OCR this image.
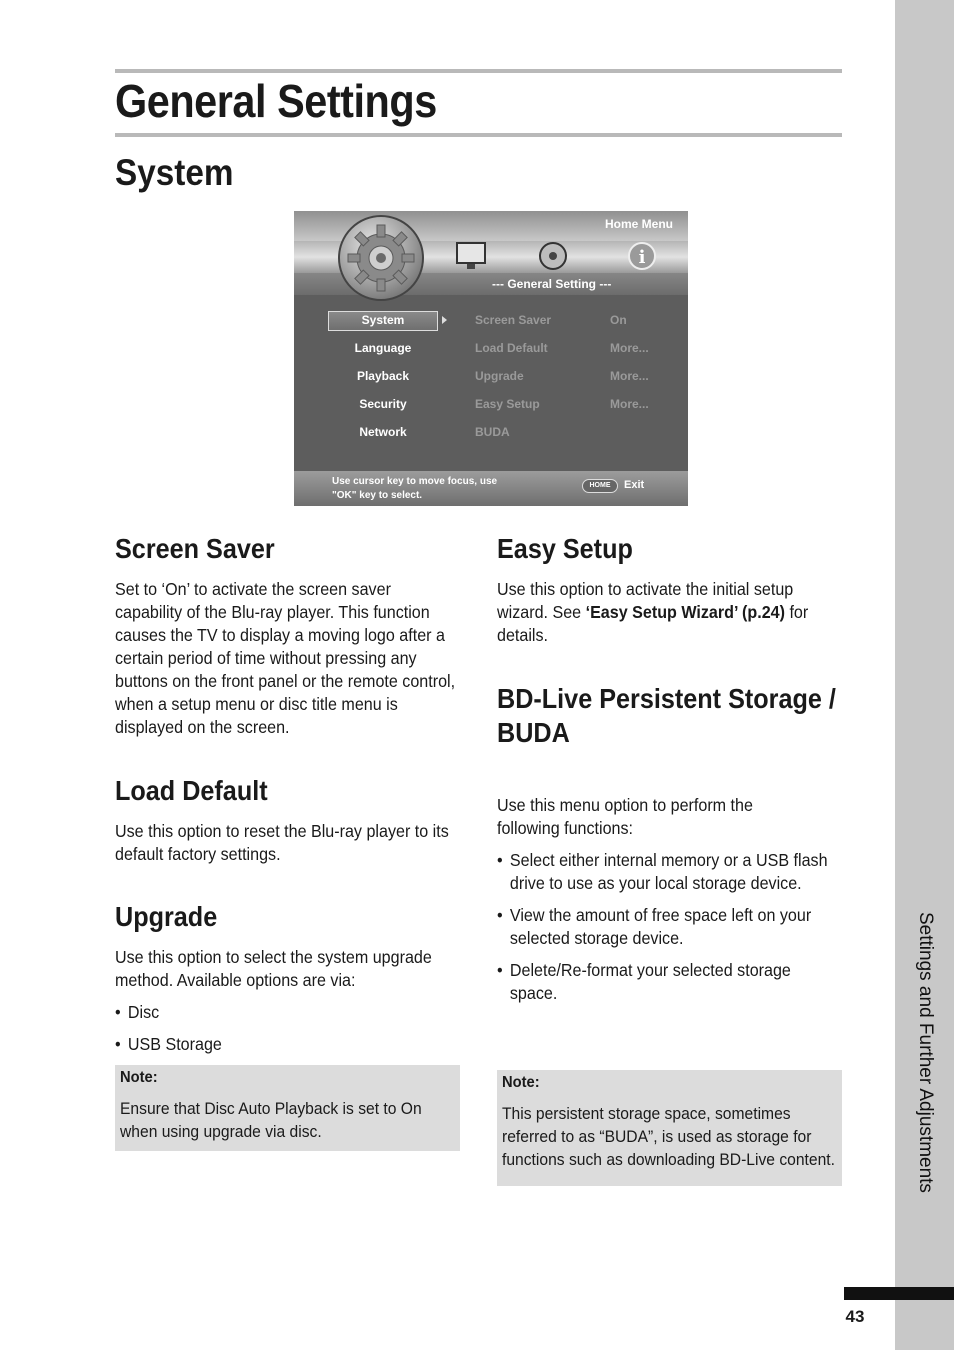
General Settings
System
Settings and Further Adjustments
43
i
Home Menu
--- General Setting ---
System	Screen Saver	On
Language	Load Default	More...
Playback	Upgrade	More...
Security	Easy Setup	More...
Network	BUDA
Use cursor key to move focus, use
"OK" key to select.
HOME	Exit
Screen Saver

Set to ‘On’ to activate the screen saver capability of the Blu-ray player. This function causes the TV to display a moving logo after a certain period of time without pressing any buttons on the front panel or the remote control, when a setup menu or disc title menu is displayed on the screen.

Load Default

Use this option to reset the Blu-ray player to its default factory settings.

Upgrade

Use this option to select the system upgrade method. Available options are via:

• Disc
• USB Storage
Note:
Ensure that Disc Auto Playback is set to On when using upgrade via disc.
Easy Setup

Use this option to activate the initial setup wizard. See ‘Easy Setup Wizard’ (p.24) for details.

BD-Live Persistent Storage /
BUDA

Use this menu option to perform the following functions:

• Select either internal memory or a USB flash drive to use as your local storage device.
• View the amount of free space left on your selected storage device.
• Delete/Re-format your selected storage space.
Note:
This persistent storage space, sometimes referred to as “BUDA”, is used as storage for functions such as downloading BD-Live content.
